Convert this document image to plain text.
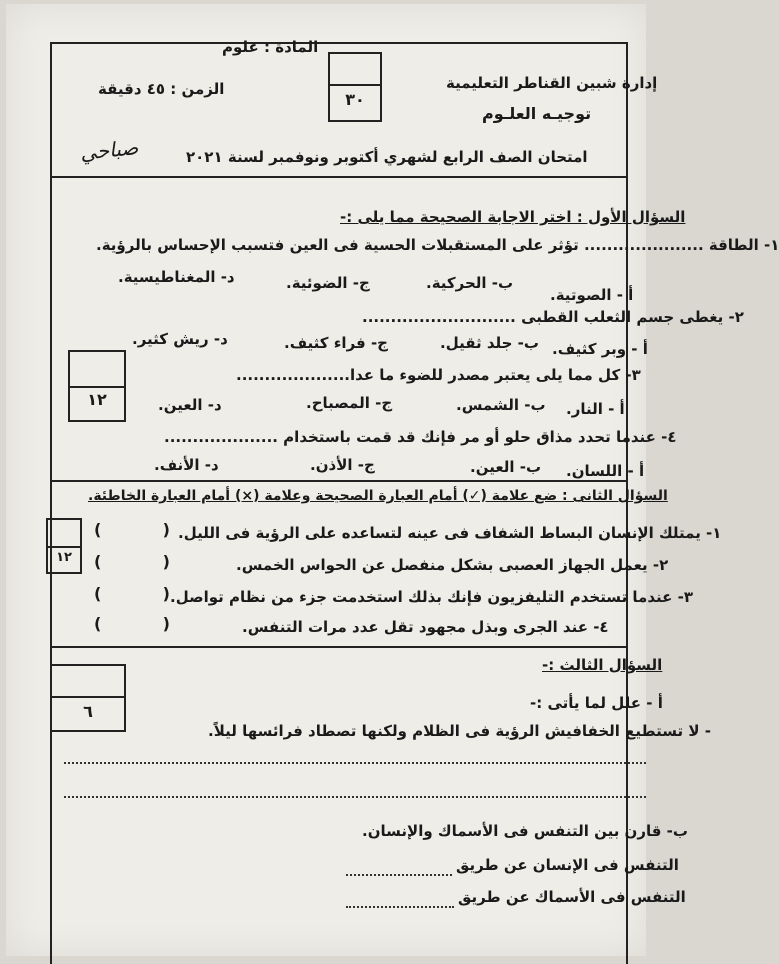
المادة : علوم
الزمن : ٤٥ دقيقة
٣٠
إدارة شبين القناطر التعليمية
توجيـه العلـوم
امتحان الصف الرابع لشهري أكتوبر ونوفمبر لسنة ٢٠٢١
صباحي
السؤال الأول : اختر الاجابة الصحيحة مما يلى :-
١- الطاقة ..................... تؤثر على المستقبلات الحسية فى العين فتسبب الإحساس بالرؤية.
أ - الصوتية.
ب- الحركية.
ج- الضوئية.
د- المغناطيسية.
٢- يغطى جسم الثعلب القطبى ...........................
أ - وبر كثيف.
ب- جلد ثقيل.
ج- فراء كثيف.
د- ريش كثير.
١٢
٣- كل مما يلى يعتبر مصدر للضوء ما عدا....................
أ - النار.
ب- الشمس.
ج- المصباح.
د- العين.
٤- عندما تحدد مذاق حلو أو مر فإنك قد قمت باستخدام ....................
أ - اللسان.
ب- العين.
ج- الأذن.
د- الأنف.
السؤال الثانى : ضع علامة (✓) أمام العبارة الصحيحة وعلامة (×) أمام العبارة الخاطئة.
١٢
١- يمتلك الإنسان البساط الشفاف فى عينه لتساعده على الرؤية فى الليل.
(           )
٢- يعمل الجهاز العصبى بشكل منفصل عن الحواس الخمس.
(           )
٣- عندما تستخدم التليفزيون فإنك بذلك استخدمت جزء من نظام تواصل.
(           )
٤- عند الجرى وبذل مجهود تقل عدد مرات التنفس.
(           )
السؤال الثالث :-
٦	أ - علل لما يأتى :-
- لا تستطيع الخفافيش الرؤية فى الظلام ولكنها تصطاد فرائسها ليلاً.
ب- قارن بين التنفس فى الأسماك والإنسان.
التنفس فى الإنسان عن طريق
التنفس فى الأسماك عن طريق
